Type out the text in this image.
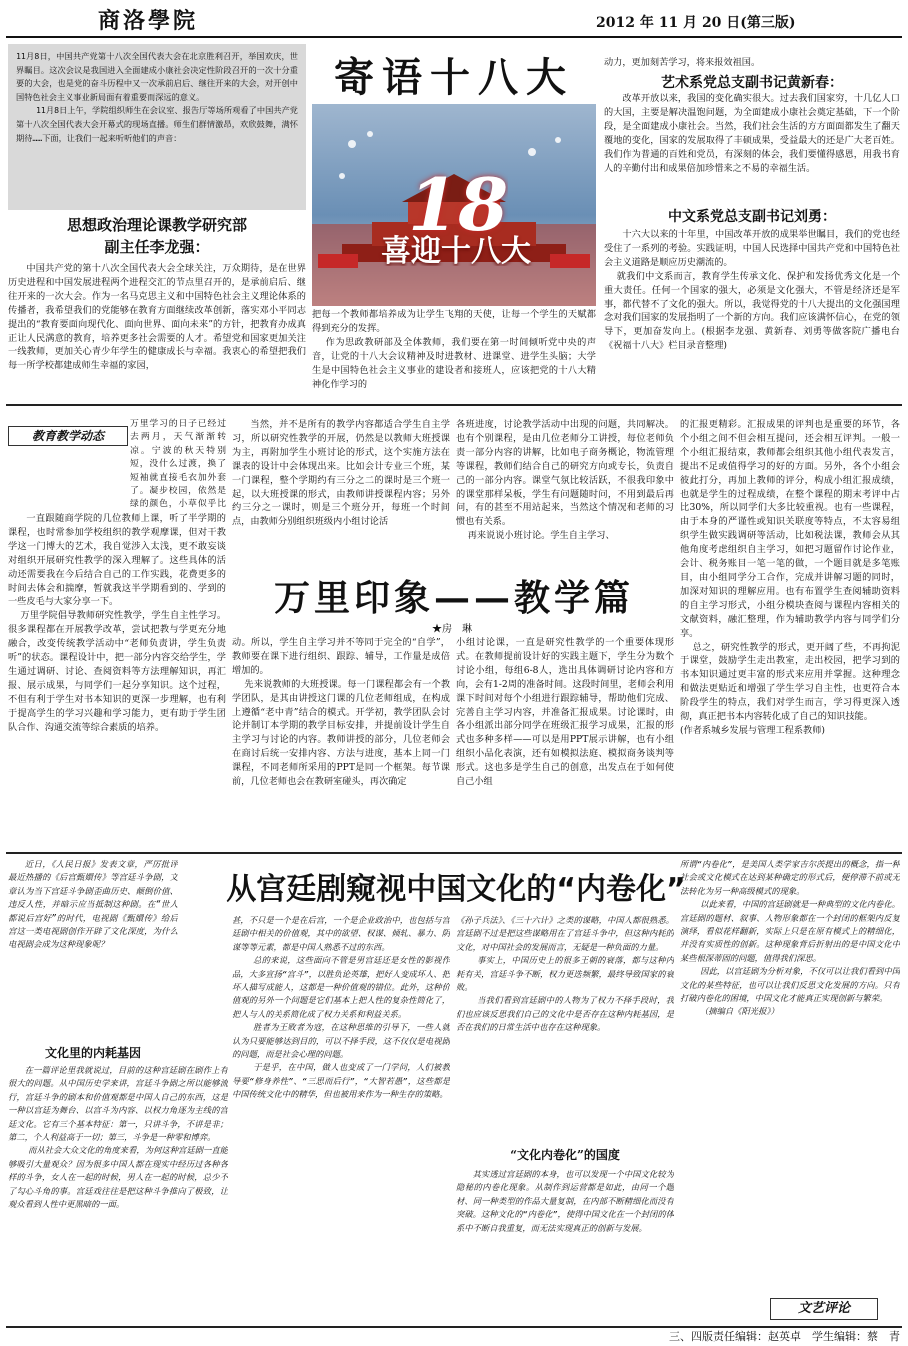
商洛學院	2012 年 11 月 20 日(第三版)
11月8日，中国共产党第十八次全国代表大会在北京胜利召开，举国欢庆，世界瞩目。这次会议是我国进入全面建成小康社会决定性阶段召开的一次十分重要的大会，也是党的奋斗历程中又一次承前启后、继往开来的大会，对开创中国特色社会主义事业新局面有着重要而深远的意义。
11月8日上午，学院组织师生在会议室、报告厅等场所观看了中国共产党第十八次全国代表大会开幕式的现场直播。师生们群情激昂，欢欣鼓舞，满怀期待……下面，让我们一起来听听他们的声音：
思想政治理论课教学研究部
副主任李龙强：
中国共产党的第十八次全国代表大会全球关注，万众期待，是在世界历史进程和中国发展进程两个进程交汇的节点里召开的，是承前启后、继往开来的一次大会。作为一名马克思主义和中国特色社会主义理论体系的传播者，我希望我们的党能够在教育方面继续改革创新，落实邓小平同志提出的“教育要面向现代化、面向世界、面向未来”的方针，把教育办成真正让人民满意的教育，培养更多社会需要的人才。希望党和国家更加关注一线教师，更加关心青少年学生的健康成长与幸福。我衷心的希望把我们每一所学校都建成师生幸福的家园，
寄语十八大
18
喜迎十八大
把每一个教师都培养成为让学生飞翔的天使，让每一个学生的天赋都得到充分的发挥。
作为思政教研部及全体教师，我们要在第一时间倾听党中央的声音，让党的十八大会议精神及时进教材、进课堂、进学生头脑；大学生是中国特色社会主义事业的建设者和接班人，应该把党的十八大精神化作学习的
动力，更加刻苦学习，将来报效祖国。
艺术系党总支副书记黄新春：
改革开放以来，我国的变化确实很大。过去我们国家穷，十几亿人口的大国，主要是解决温饱问题，为全面建成小康社会奠定基础，下一个阶段，是全面建成小康社会。当然，我们社会生活的方方面面都发生了翻天覆地的变化，国家的发展取得了丰硕成果，受益最大的还是广大老百姓。我们作为普通的百姓和党员，有深刻的体会，我们要懂得感恩，用我书育人的辛勤付出和成果倍加珍惜来之不易的幸福生活。
中文系党总支副书记刘勇：
十六大以来的十年里，中国改革开放的成果举世瞩目，我们的党也经受住了一系列的考验。实践证明，中国人民选择中国共产党和中国特色社会主义道路是顺应历史潮流的。
就我们中文系而言，教育学生传承文化、保护和发扬优秀文化是一个重大责任。任何一个国家的强大，必须是文化强大，不管是经济还是军事，都代替不了文化的强大。所以，我觉得党的十八大提出的文化强国理念对我们国家的发展指明了一个新的方向。我们应该满怀信心，在党的领导下，更加奋发向上。(根据李龙强、黄新春、刘勇等做客院广播电台《祝福十八大》栏目录音整理)
教育教学动态
万里学习的日子已经过去两月，天气渐渐转凉。宁波的秋天特别短，没什么过渡，换了短袖就直接毛衣加外套了。凝步校园，依然是绿的颜色，小草似乎比
一直跟随商学院的几位教师上课，听了半学期的课程，也时常参加学校组织的教学观摩课，但对干教学这一门博大的艺术，我自觉涉入太浅，更不敢妄谈对组织开展研究性教学的深入理解了。这些具体的活动还需要我在今后结合自己的工作实践，花费更多的时间去体会和揣摩，暂就我这半学期看到的、学到的一些皮毛与大家分享一下。
万里学院倡导教师研究性教学，学生自主性学习。很多课程都在开展教学改革，尝试把教与学更充分地融合，改变传统教学活动中“老师负责讲，学生负责听”的状态。课程设计中，把一部分内容交给学生，学生通过调研、讨论、查阅资料等方法理解知识，再汇报、展示成果，与同学们一起分享知识。这个过程，不但有利于学生对书本知识的更深一步理解，也有利于提高学生的学习兴趣和学习能力，更有助于学生团队合作、沟通交流等综合素质的培养。
当然，并不是所有的教学内容都适合学生自主学习，所以研究性教学的开展，仍然是以教师大班授课为主，再附加学生小班讨论的形式，这个实施方法在课表的设计中会体现出来。比如会计专业三个班，某一门课程，整个学期约有三分之二的课时是三个班一起，以大班授课的形式，由教师讲授课程内容；另外约三分之一课时，则是三个班分开，每班一个时间点，由教师分别组织班级内小组讨论活
万里印象——教学篇
★房　琳
动。所以，学生自主学习并不等同于完全的“自学”，教师要在课下进行组织、跟踪、辅导，工作量是成倍增加的。
先来说教师的大班授课。每一门课程都会有一个教学团队，是其由讲授这门课的几位老师组成，在构成上遵循“老中青”结合的模式。开学初，教学团队会讨论并制订本学期的教学目标安排，并提前设计学生自主学习与讨论的内容。教师讲授的部分，几位老师会在商讨后统一安排内容、方法与进度，基本上同一门课程，不同老师所采用的PPT是同一个框架。每节课前，几位老师也会在教研室碰头，再次确定
各班进度，讨论教学活动中出现的问题，共同解决。也有个别课程，是由几位老师分工讲授，每位老师负责一部分内容的讲解，比如电子商务概论，物流管理等课程，教师们结合自己的研究方向或专长，负责自己的一部分内容。课堂气氛比较活跃，不很我印象中的课堂那样呆板，学生有问题随时问，不用到最后再问，有的甚至不用站起来，当然这个情况和老师的习惯也有关系。
再来说说小班讨论。学生自主学习、
小组讨论课，一直是研究性教学的一个重要体现形式。在教师提前设计好的实践主题下，学生分为数个讨论小组，每组6-8人，选出具体调研讨论内容和方向，会有1-2周的准备时间。这段时间里，老师会利用课下时间对每个小组进行跟踪辅导，帮助他们完成、完善自主学习内容，并准备汇报成果。讨论课时，由各小组派出部分同学在班级汇报学习成果，汇报的形式也多种多样——可以是用PPT展示讲解，也有小组组织小品化表演，还有如模拟法庭、模拟商务谈判等形式。这也多是学生自己的创意，出发点在于如何使自己小组
的汇报更精彩。汇报成果的评判也是重要的环节，各个小组之间不但会相互提问，还会相互评判。一般一个小组汇报结束，教师都会组织其他小组代表发言，提出不足或值得学习的好的方面。另外，各个小组会彼此打分，再加上教师的评分，构成小组汇报成绩，也就是学生的过程成绩，在整个课程的期末考评中占比30%，所以同学们大多比较重视。也有一些课程，由于本身的严谨性或知识关联度等特点，不太容易组织学生做实践调研等活动，比如税法课，教师会从其他角度考虑组织自主学习，如把习题留作讨论作业，会计、税务账目一笔一笔的做，一个题目就是多笔账目，由小组同学分工合作，完成并讲解习题的同时，加深对知识的理解应用。也有布置学生查阅辅助资料的自主学习形式，小组分模块查阅与课程内容相关的文献资料，融汇整理，作为辅助教学内容与同学们分享。
总之，研究性教学的形式，更开阔了些，不再拘泥于课堂，鼓励学生走出教室，走出校园，把学习到的书本知识通过更丰富的形式来应用并掌握。这种理念和做法更贴近和增强了学生学习自主性，也更符合本阶段学生的特点，我们对学生而言，学习得更深入透彻，真正把书本内容转化成了自己的知识技能。
(作者系城乡发展与管理工程系教师)
近日，《人民日报》发表文章，严厉批评最近热播的《后宫甄嬛传》等宫廷斗争剧，文章认为当下宫廷斗争剧歪曲历史、颠倒价值、违反人性，并暗示应当抵制这种剧。在“世人都说后宫好”的时代，电视剧《甄嬛传》给后宫这一类电视剧创作开辟了文化深度，为什么电视剧会成为这种现象呢？
从宫廷剧窥视中国文化的“内卷化”
文化里的内耗基因
在一篇评论里我就说过，目前的这种宫廷剧在剧作上有很大的问题。从中国历史学来讲，宫廷斗争剧之所以能够流行，宫廷斗争的剧本和价值观都是中国人自己的东西，这是一种以宫廷为舞台、以宫斗为内容、以权力角逐为主线的宫廷文化。它有三个基本特征：第一，只讲斗争，不讲是非；第二，个人利益高于一切；第三，斗争是一种零和博弈。
而从社会大众文化的角度来看，为何这种宫廷剧一直能够吸引大量观众？因为很多中国人都在现实中经历过各种各样的斗争，女人在一起的时候，男人在一起的时候，总少不了勾心斗角的事。宫廷戏往往是把这种斗争推向了极致，让观众看到人性中更黑暗的一面。
甚，不只是一个是在后宫，一个是企业政治中，也包括与宫廷剧中相关的价值观，其中的欲望、权谋、倾轧、暴力、阴谋等等元素，都是中国人熟悉不过的东西。
总的来说，这些面向不管是男宫廷还是女性的影视作品，大多宣扬“宫斗”，以胜负论英雄，把好人变成坏人、把坏人描写成能人，这都是一种价值观的错位。此外，这种价值观的另外一个问题是它们基本上把人性的复杂性简化了，把人与人的关系简化成了权力关系和利益关系。
胜者为王败者为寇，在这种思维的引导下，一些人就认为只要能够达到目的，可以不择手段，这不仅仅是电视剧的问题，而是社会心理的问题。
于是乎，在中国，做人也变成了一门学问，人们被教导要“修身养性”、“三思而后行”，“大智若愚”，这些都是中国传统文化中的精华，但也被用来作为一种生存的策略。
《孙子兵法》、《三十六计》之类的谋略，中国人都很熟悉。宫廷剧不过是把这些谋略用在了宫廷斗争中，但这种内耗的文化，对中国社会的发展而言，无疑是一种负面的力量。
事实上，中国历史上的很多王朝的衰落，都与这种内耗有关，宫廷斗争不断，权力更迭频繁，最终导致国家的衰败。
当我们看到宫廷剧中的人物为了权力不择手段时，我们也应该反思我们自己的文化中是否存在这种内耗基因，是否在我们的日常生活中也存在这种现象。
“文化内卷化”的国度
其实透过宫廷剧的本身，也可以发现一个中国文化较为隐秘的内卷化现象。从制作到运营都是如此，由同一个题材、同一种类型的作品大量复制，在内部不断精细化而没有突破。这种文化的“内卷化”，使得中国文化在一个封闭的体系中不断自我重复，而无法实现真正的创新与发展。
所谓“内卷化”，是美国人类学家吉尔茨提出的概念，指一种社会或文化模式在达到某种确定的形式后，便停滞不前或无法转化为另一种高级模式的现象。
以此来看，中国的宫廷剧就是一种典型的文化内卷化。宫廷剧的题材、叙事、人物形象都在一个封闭的框架内反复演绎，看似花样翻新，实际上只是在原有模式上的精细化，并没有实质性的创新。这种现象背后折射出的是中国文化中某些根深蒂固的问题，值得我们深思。
因此，以宫廷剧为分析对象，不仅可以让我们看到中国文化的某些特征，也可以让我们反思文化发展的方向。只有打破内卷化的困境，中国文化才能真正实现创新与繁荣。
（摘编自《阳光报》）
文艺评论
三、四版责任编辑：赵英卓　学生编辑：蔡　青
